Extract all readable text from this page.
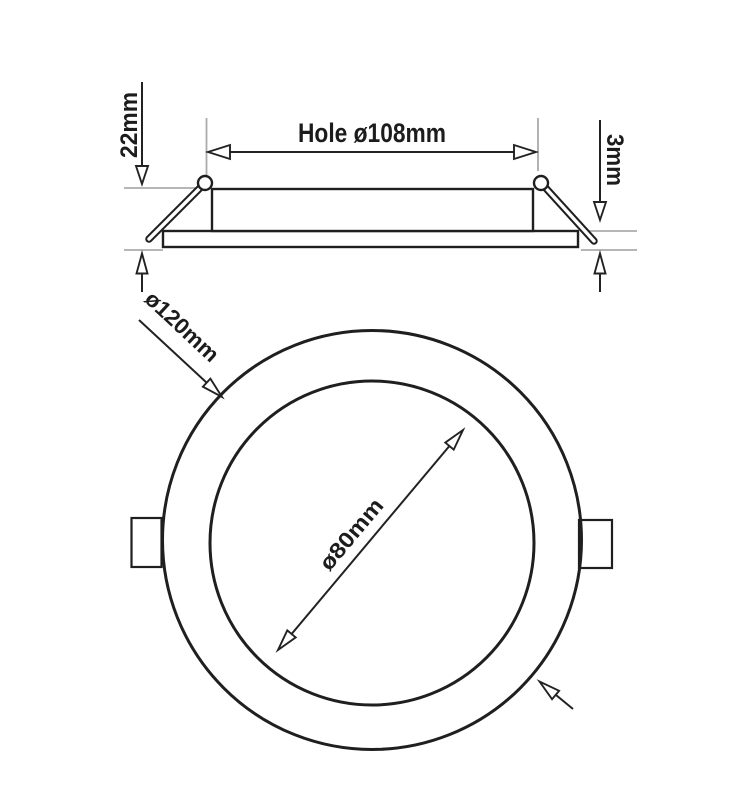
Hole ø108mm
22mm
3mm
ø80mm
ø120mm
